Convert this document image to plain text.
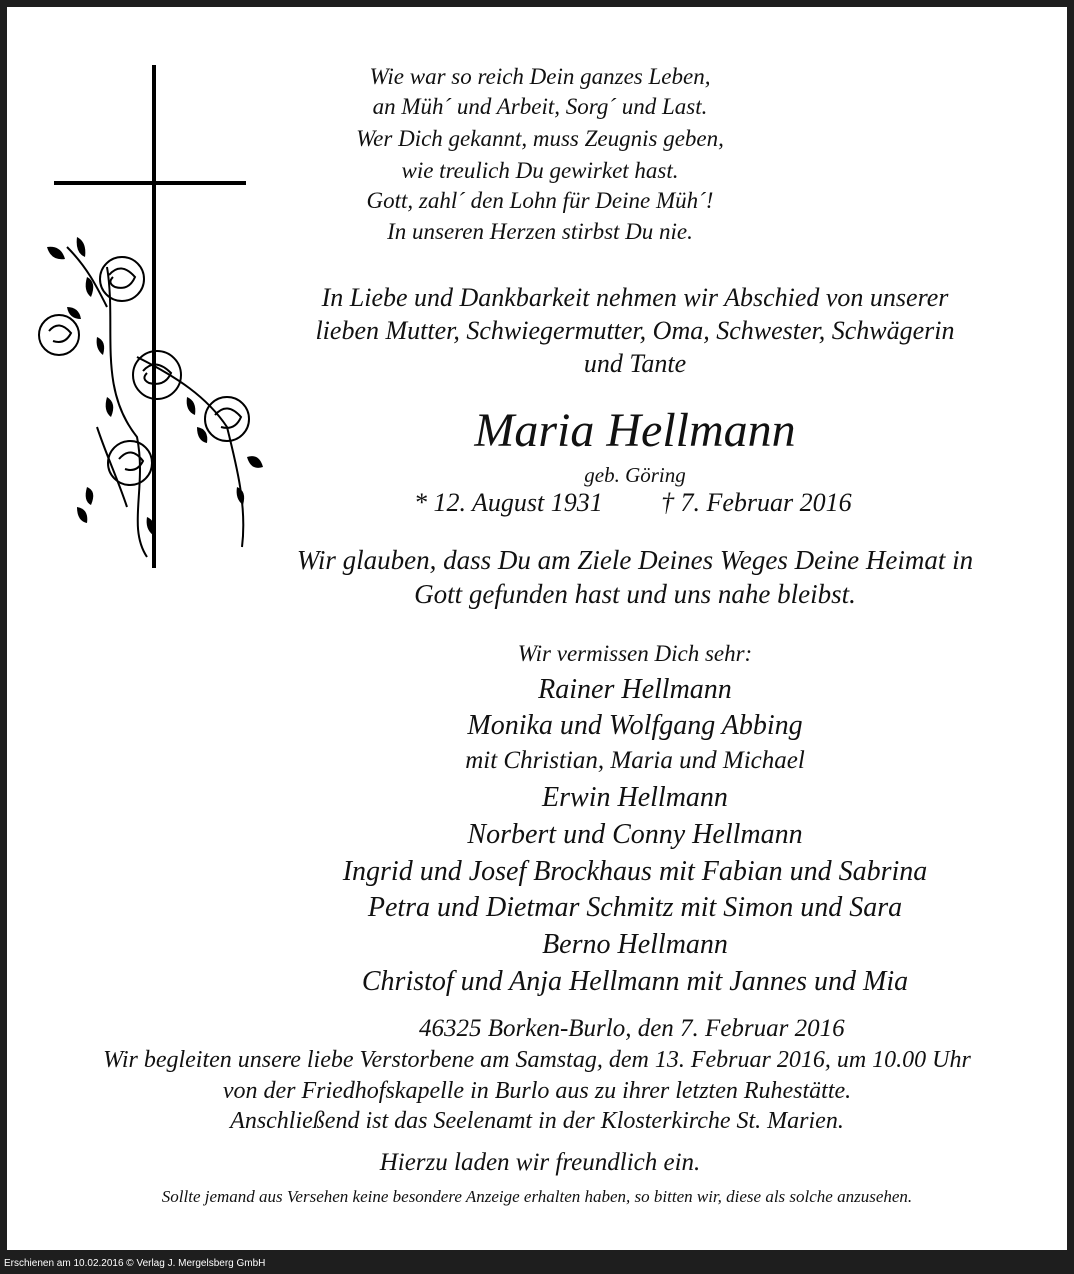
Wie war so reich Dein ganzes Leben,
an Müh´ und Arbeit, Sorg´ und Last.
Wer Dich gekannt, muss Zeugnis geben,
wie treulich Du gewirket hast.
Gott, zahl´ den Lohn für Deine Müh´!
In unseren Herzen stirbst Du nie.
In Liebe und Dankbarkeit nehmen wir Abschied von unserer
lieben Mutter, Schwiegermutter, Oma, Schwester, Schwägerin
und Tante
Maria Hellmann
geb. Göring
* 12. August 1931 † 7. Februar 2016
Wir glauben, dass Du am Ziele Deines Weges Deine Heimat in
Gott gefunden hast und uns nahe bleibst.
Wir vermissen Dich sehr:
Rainer Hellmann
Monika und Wolfgang Abbing
mit Christian, Maria und Michael
Erwin Hellmann
Norbert und Conny Hellmann
Ingrid und Josef Brockhaus mit Fabian und Sabrina
Petra und Dietmar Schmitz mit Simon und Sara
Berno Hellmann
Christof und Anja Hellmann mit Jannes und Mia
46325 Borken-Burlo, den 7. Februar 2016
Wir begleiten unsere liebe Verstorbene am Samstag, dem 13. Februar 2016, um 10.00 Uhr
von der Friedhofskapelle in Burlo aus zu ihrer letzten Ruhestätte.
Anschließend ist das Seelenamt in der Klosterkirche St. Marien.
Hierzu laden wir freundlich ein.
Sollte jemand aus Versehen keine besondere Anzeige erhalten haben, so bitten wir, diese als solche anzusehen.
Erschienen am 10.02.2016 © Verlag J. Mergelsberg GmbH
